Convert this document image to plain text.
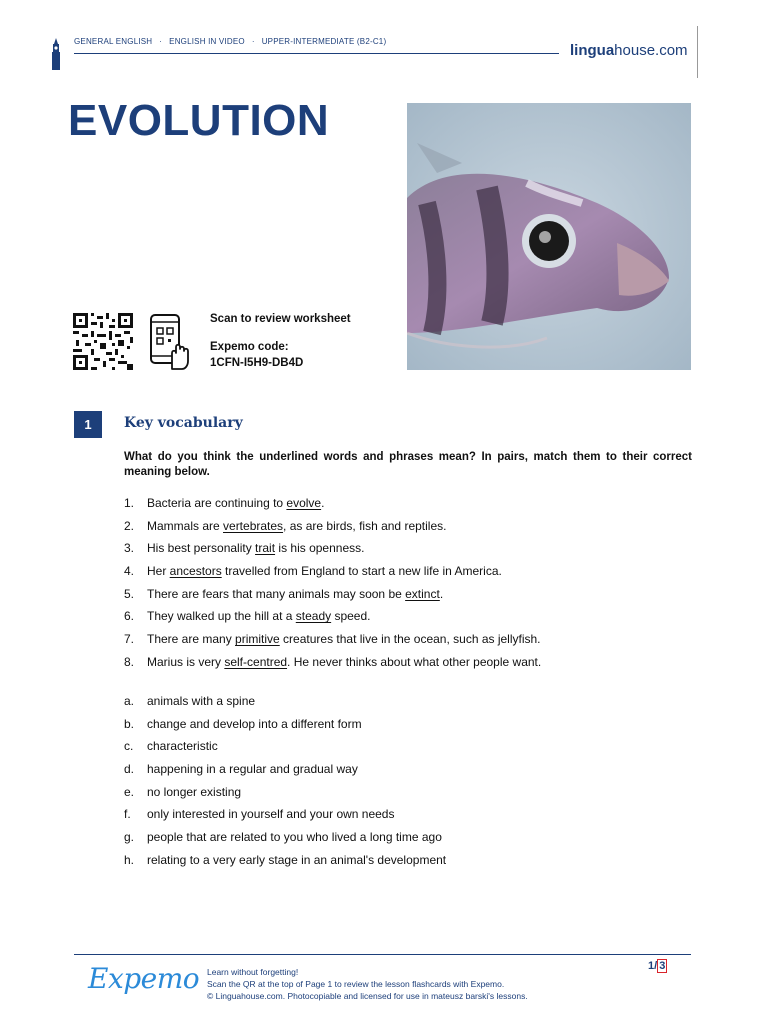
GENERAL ENGLISH · ENGLISH IN VIDEO · UPPER-INTERMEDIATE (B2-C1)
linguahouse.com
EVOLUTION
Scan to review worksheet
Expemo code:
1CFN-I5H9-DB4D
1	Key vocabulary
What do you think the underlined words and phrases mean? In pairs, match them to their correct meaning below.
1. Bacteria are continuing to evolve.
2. Mammals are vertebrates, as are birds, fish and reptiles.
3. His best personality trait is his openness.
4. Her ancestors travelled from England to start a new life in America.
5. There are fears that many animals may soon be extinct.
6. They walked up the hill at a steady speed.
7. There are many primitive creatures that live in the ocean, such as jellyfish.
8. Marius is very self-centred. He never thinks about what other people want.
a. animals with a spine
b. change and develop into a different form
c. characteristic
d. happening in a regular and gradual way
e. no longer existing
f. only interested in yourself and your own needs
g. people that are related to you who lived a long time ago
h. relating to a very early stage in an animal's development
Expemo Learn without forgetting!
Scan the QR at the top of Page 1 to review the lesson flashcards with Expemo.
© Linguahouse.com. Photocopiable and licensed for use in mateusz barski's lessons.
1/ 3
